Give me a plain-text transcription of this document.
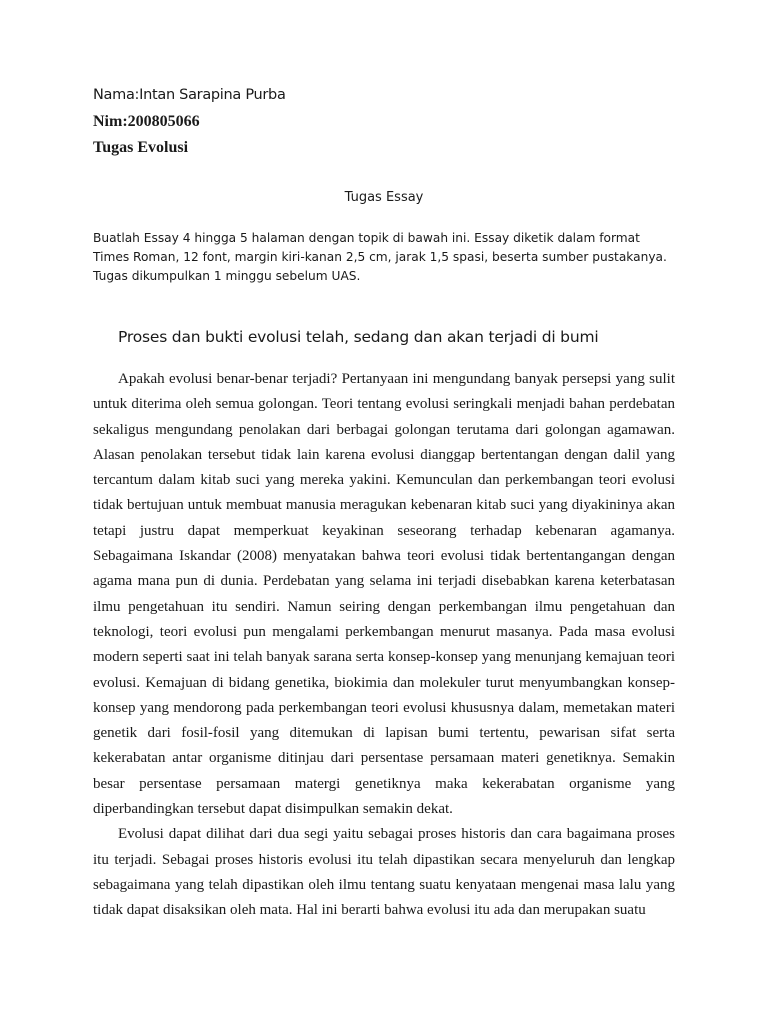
Nama:Intan Sarapina Purba
Nim:200805066
Tugas Evolusi
Tugas Essay
Buatlah Essay 4 hingga 5 halaman dengan topik di bawah ini. Essay diketik dalam format
Times Roman, 12 font, margin kiri-kanan 2,5 cm, jarak 1,5 spasi, beserta sumber pustakanya.
Tugas dikumpulkan 1 minggu sebelum UAS.
Proses dan bukti evolusi telah, sedang dan akan terjadi di bumi

Apakah evolusi benar-benar terjadi? Pertanyaan ini mengundang banyak persepsi yang sulit untuk diterima oleh semua golongan. Teori tentang evolusi seringkali menjadi bahan perdebatan sekaligus mengundang penolakan dari berbagai golongan terutama dari golongan agamawan. Alasan penolakan tersebut tidak lain karena evolusi dianggap bertentangan dengan dalil yang tercantum dalam kitab suci yang mereka yakini. Kemunculan dan perkembangan teori evolusi tidak bertujuan untuk membuat manusia meragukan kebenaran kitab suci yang diyakininya akan tetapi justru dapat memperkuat keyakinan seseorang terhadap kebenaran agamanya. Sebagaimana Iskandar (2008) menyatakan bahwa teori evolusi tidak bertentangangan dengan agama mana pun di dunia. Perdebatan yang selama ini terjadi disebabkan karena keterbatasan ilmu pengetahuan itu sendiri. Namun seiring dengan perkembangan ilmu pengetahuan dan teknologi, teori evolusi pun mengalami perkembangan menurut masanya. Pada masa evolusi modern seperti saat ini telah banyak sarana serta konsep-konsep yang menunjang kemajuan teori evolusi. Kemajuan di bidang genetika, biokimia dan molekuler turut menyumbangkan konsep-konsep yang mendorong pada perkembangan teori evolusi khususnya dalam, memetakan materi genetik dari fosil-fosil yang ditemukan di lapisan bumi tertentu, pewarisan sifat serta kekerabatan antar organisme ditinjau dari persentase persamaan materi genetiknya. Semakin besar persentase persamaan matergi genetiknya maka kekerabatan organisme yang diperbandingkan tersebut dapat disimpulkan semakin dekat.

Evolusi dapat dilihat dari dua segi yaitu sebagai proses historis dan cara bagaimana proses itu terjadi. Sebagai proses historis evolusi itu telah dipastikan secara menyeluruh dan lengkap sebagaimana yang telah dipastikan oleh ilmu tentang suatu kenyataan mengenai masa lalu yang tidak dapat disaksikan oleh mata. Hal ini berarti bahwa evolusi itu ada dan merupakan suatu
